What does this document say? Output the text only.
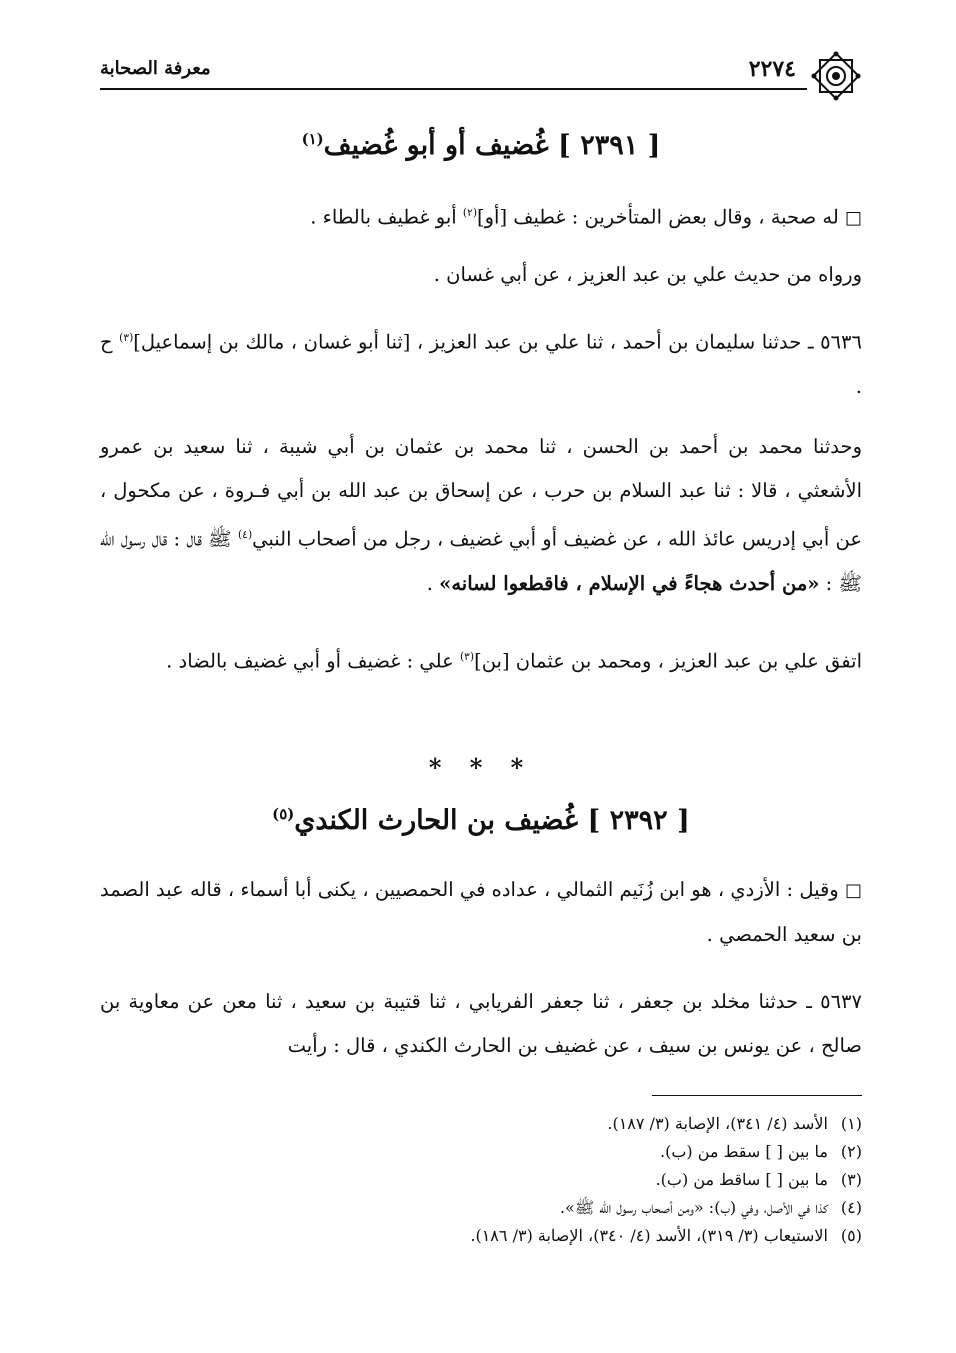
٢٢٧٤
معرفة الصحابة
[ ٢٣٩١ ] غُضيف أو أبو غُضيف$^{(١)}$
□ له صحبة ، وقال بعض المتأخرين : غطيف [أو]$^{(٢)}$ أبو غطيف بالطاء .
ورواه من حديث علي بن عبد العزيز ، عن أبي غسان .
٥٦٣٦ ـ حدثنا سليمان بن أحمد ، ثنا علي بن عبد العزيز ، [ثنا أبو غسان ، مالك بن إسماعيل]$^{(٣)}$ ح .
وحدثنا محمد بن أحمد بن الحسن ، ثنا محمد بن عثمان بن أبي شيبة ، ثنا سعيد بن عمرو الأشعثي ، قالا : ثنا عبد السلام بن حرب ، عن إسحاق بن عبد الله بن أبي فـروة ، عن مكحول ، عن أبي إدريس عائذ الله ، عن غضيف أو أبي غضيف ، رجل من أصحاب النبي$^{(٤)}$ ﷺ قال : قال رسول الله ﷺ : «من أحدث هجاءً في الإسلام ، فاقطعوا لسانه» .
اتفق علي بن عبد العزيز ، ومحمد بن عثمان [بن]$^{(٣)}$ علي : غضيف أو أبي غضيف بالضاد .
* * *
[ ٢٣٩٢ ] غُضيف بن الحارث الكندي$^{(٥)}$
□ وقيل : الأزدي ، هو ابن زُنَيم الثمالي ، عداده في الحمصيين ، يكنى أبا أسماء ، قاله عبد الصمد بن سعيد الحمصي .
٥٦٣٧ ـ حدثنا مخلد بن جعفر ، ثنا جعفر الفريابي ، ثنا قتيبة بن سعيد ، ثنا معن عن معاوية بن صالح ، عن يونس بن سيف ، عن غضيف بن الحارث الكندي ، قال : رأيت
(١)الأسد (٤/ ٣٤١)، الإصابة (٣/ ١٨٧).
(٢)ما بين [ ] سقط من (ب).
(٣)ما بين [ ] ساقط من (ب).
(٤)كذا في الأصل، وفي (ب): «ومن أصحاب رسول الله ﷺ».
(٥)الاستيعاب (٣/ ٣١٩)، الأسد (٤/ ٣٤٠)، الإصابة (٣/ ١٨٦).
